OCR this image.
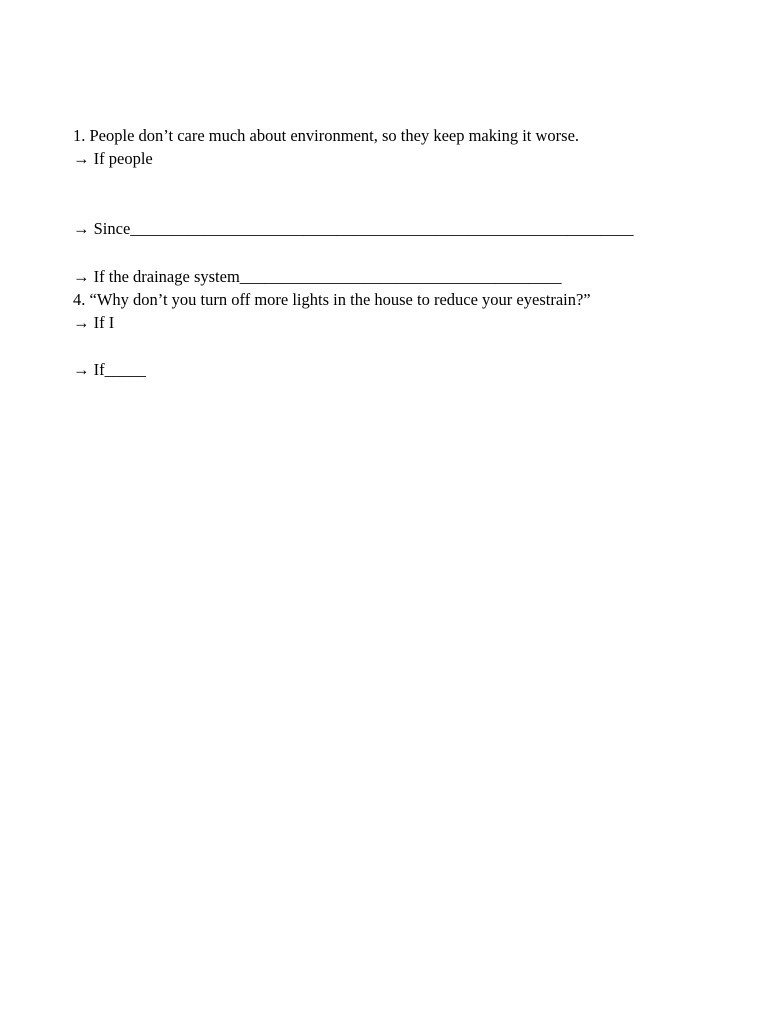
1. People don’t care much about environment, so they keep making it worse.
→ If people
→ Since_____________________________________________________________
→ If the drainage system_______________________________________
4. “Why don’t you turn off more lights in the house to reduce your eyestrain?”
→ If I
→ If_____
